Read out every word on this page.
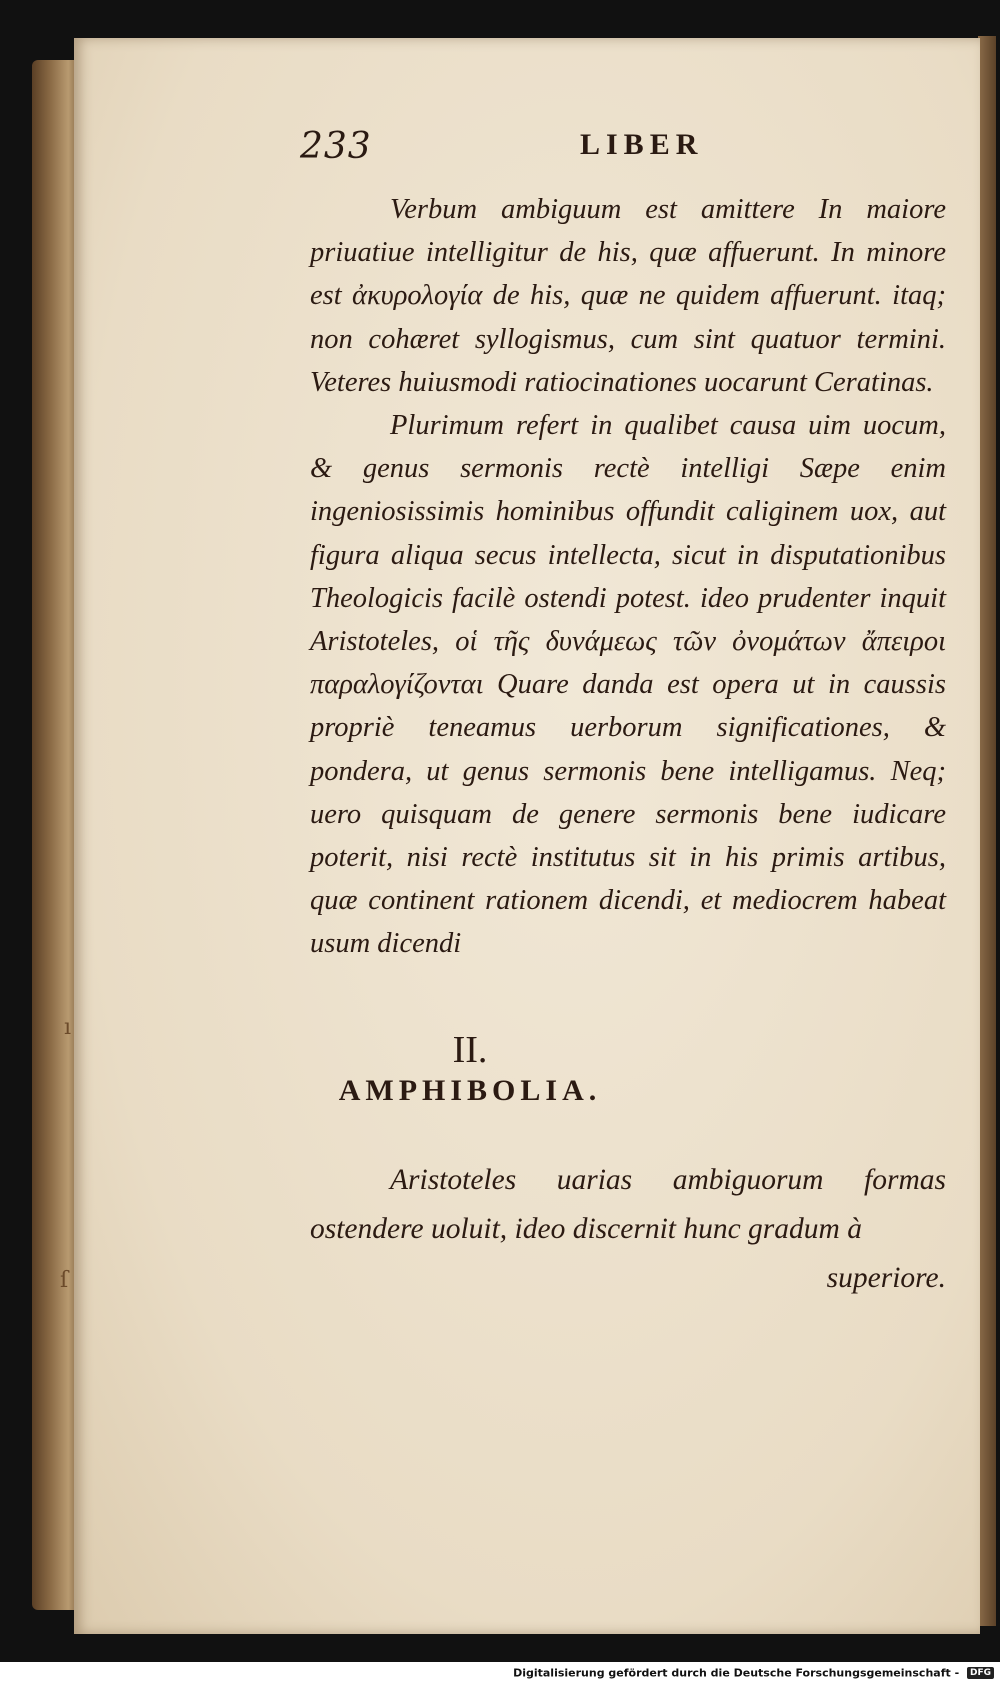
ı
ſ
233	LIBER

Verbum ambiguum est amittere In maiore priuatiue intelligitur de his, quæ affuerunt. In minore est ἀκυρολογία de his, quæ ne quidem affuerunt. itaq; non cohæret syllogismus, cum sint quatuor termini. Veteres huiusmodi ratiocinationes uocarunt Ceratinas.

Plurimum refert in qualibet causa uim uocum, & genus sermonis rectè intelligi Sæpe enim ingeniosissimis hominibus offundit caliginem uox, aut figura aliqua secus intellecta, sicut in disputationibus Theologicis facilè ostendi potest. ideo prudenter inquit Aristoteles, οἱ τῆς δυνάμεως τῶν ὀνομάτων ἄπειροι παραλογίζονται Quare danda est opera ut in caussis propriè teneamus uerborum significationes, & pondera, ut genus sermonis bene intelligamus. Neq; uero quisquam de genere sermonis bene iudicare poterit, nisi rectè institutus sit in his primis artibus, quæ continent rationem dicendi, et mediocrem habeat usum dicendi

II.
AMPHIBOLIA.

Aristoteles uarias ambiguorum formas ostendere uoluit, ideo discernit hunc gradum à

superiore.

Digitalisierung gefördert durch die Deutsche Forschungsgemeinschaft - DFG
